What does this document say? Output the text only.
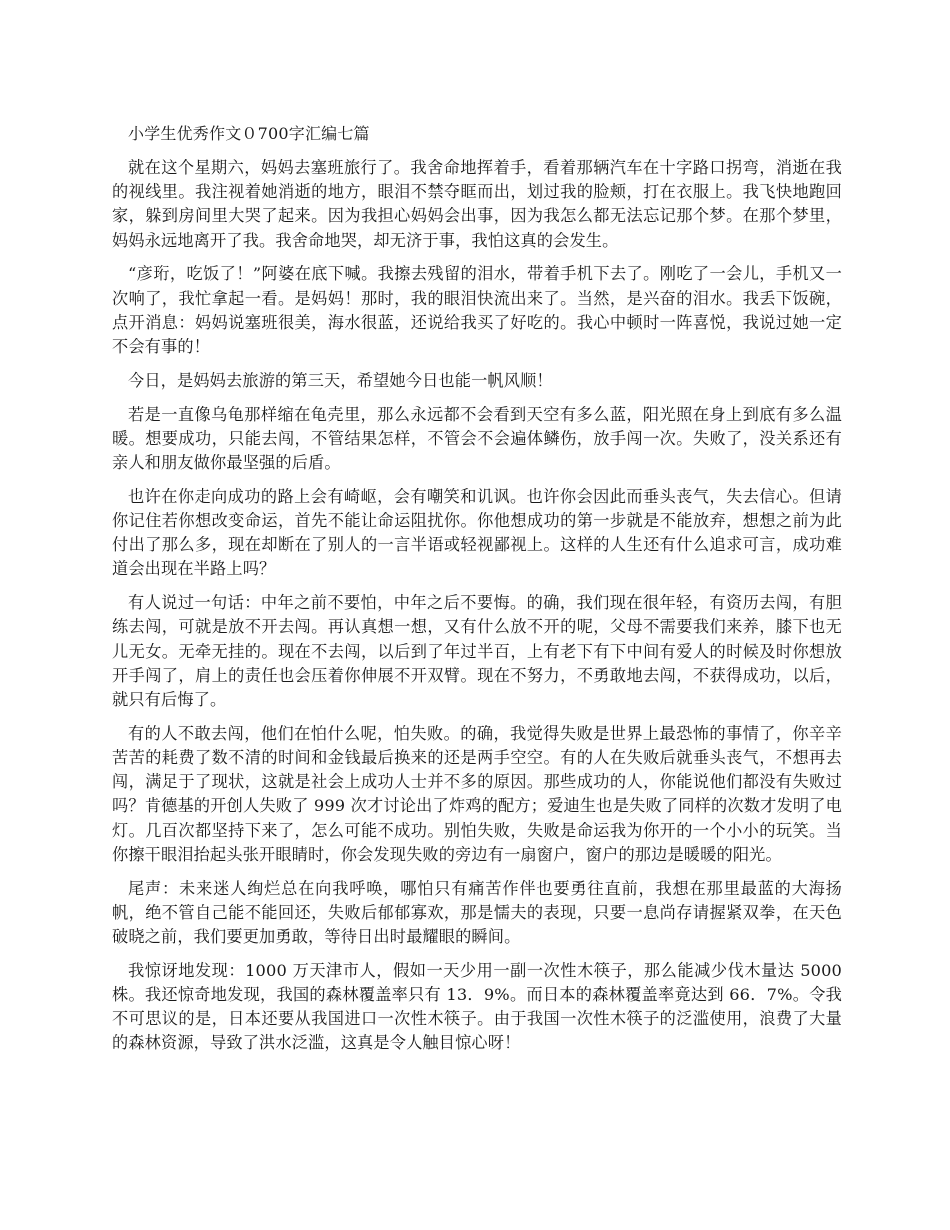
小学生优秀作文０700字汇编七篇

就在这个星期六，妈妈去塞班旅行了。我舍命地挥着手，看着那辆汽车在十字路口拐弯，消逝在我的视线里。我注视着她消逝的地方，眼泪不禁夺眶而出，划过我的脸颊，打在衣服上。我飞快地跑回家，躲到房间里大哭了起来。因为我担心妈妈会出事，因为我怎么都无法忘记那个梦。在那个梦里，妈妈永远地离开了我。我舍命地哭，却无济于事，我怕这真的会发生。

“彦珩，吃饭了！”阿婆在底下喊。我擦去残留的泪水，带着手机下去了。刚吃了一会儿，手机又一次响了，我忙拿起一看。是妈妈！那时，我的眼泪快流出来了。当然，是兴奋的泪水。我丢下饭碗，点开消息：妈妈说塞班很美，海水很蓝，还说给我买了好吃的。我心中顿时一阵喜悦，我说过她一定不会有事的！

今日，是妈妈去旅游的第三天，希望她今日也能一帆风顺！

若是一直像乌龟那样缩在龟壳里，那么永远都不会看到天空有多么蓝，阳光照在身上到底有多么温暖。想要成功，只能去闯，不管结果怎样，不管会不会遍体鳞伤，放手闯一次。失败了，没关系还有亲人和朋友做你最坚强的后盾。

也许在你走向成功的路上会有崎岖，会有嘲笑和讥讽。也许你会因此而垂头丧气，失去信心。但请你记住若你想改变命运，首先不能让命运阻扰你。你他想成功的第一步就是不能放弃，想想之前为此付出了那么多，现在却断在了别人的一言半语或轻视鄙视上。这样的人生还有什么追求可言，成功难道会出现在半路上吗？

有人说过一句话：中年之前不要怕，中年之后不要悔。的确，我们现在很年轻，有资历去闯，有胆练去闯，可就是放不开去闯。再认真想一想，又有什么放不开的呢，父母不需要我们来养，膝下也无儿无女。无牵无挂的。现在不去闯，以后到了年过半百，上有老下有下中间有爱人的时候及时你想放开手闯了，肩上的责任也会压着你伸展不开双臂。现在不努力，不勇敢地去闯，不获得成功，以后，就只有后悔了。

有的人不敢去闯，他们在怕什么呢，怕失败。的确，我觉得失败是世界上最恐怖的事情了，你辛辛苦苦的耗费了数不清的时间和金钱最后换来的还是两手空空。有的人在失败后就垂头丧气，不想再去闯，满足于了现状，这就是社会上成功人士并不多的原因。那些成功的人，你能说他们都没有失败过吗？肯德基的开创人失败了 999 次才讨论出了炸鸡的配方；爱迪生也是失败了同样的次数才发明了电灯。几百次都坚持下来了，怎么可能不成功。别怕失败，失败是命运我为你开的一个小小的玩笑。当你擦干眼泪抬起头张开眼睛时，你会发现失败的旁边有一扇窗户，窗户的那边是暖暖的阳光。

尾声：未来迷人绚烂总在向我呼唤，哪怕只有痛苦作伴也要勇往直前，我想在那里最蓝的大海扬帆，绝不管自己能不能回还，失败后郁郁寡欢，那是懦夫的表现，只要一息尚存请握紧双拳，在天色破晓之前，我们要更加勇敢，等待日出时最耀眼的瞬间。

我惊讶地发现：1000 万天津市人，假如一天少用一副一次性木筷子，那么能减少伐木量达 5000 株。我还惊奇地发现，我国的森林覆盖率只有 13．9%。而日本的森林覆盖率竟达到 66．7%。令我不可思议的是，日本还要从我国进口一次性木筷子。由于我国一次性木筷子的泛滥使用，浪费了大量的森林资源，导致了洪水泛滥，这真是令人触目惊心呀！
